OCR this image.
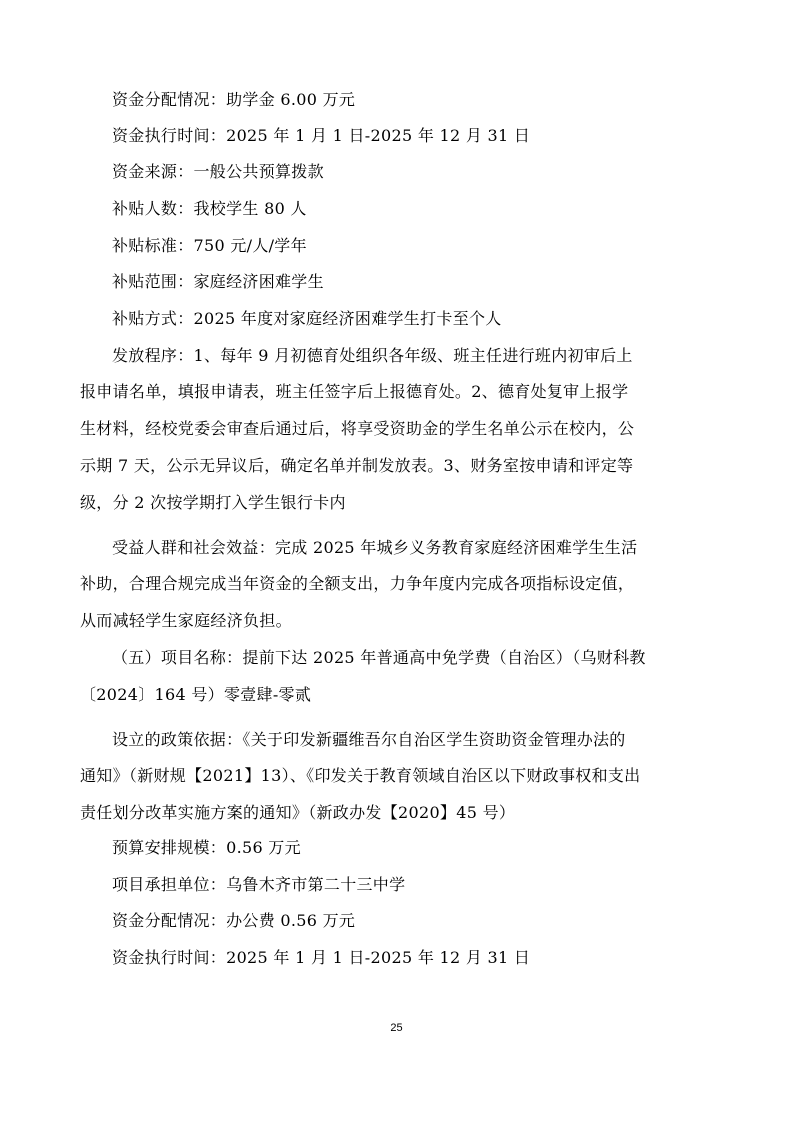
资金分配情况：助学金 6.00 万元
资金执行时间：2025 年 1 月 1 日-2025 年 12 月 31 日
资金来源：一般公共预算拨款
补贴人数：我校学生 80 人
补贴标准：750 元/人/学年
补贴范围：家庭经济困难学生
补贴方式：2025 年度对家庭经济困难学生打卡至个人
发放程序：1、每年 9 月初德育处组织各年级、班主任进行班内初审后上
报申请名单，填报申请表，班主任签字后上报德育处。2、德育处复审上报学
生材料，经校党委会审查后通过后，将享受资助金的学生名单公示在校内，公
示期 7 天，公示无异议后，确定名单并制发放表。3、财务室按申请和评定等
级，分 2 次按学期打入学生银行卡内
受益人群和社会效益：完成 2025 年城乡义务教育家庭经济困难学生生活
补助，合理合规完成当年资金的全额支出，力争年度内完成各项指标设定值，
从而减轻学生家庭经济负担。
（五）项目名称：提前下达 2025 年普通高中免学费（自治区）（乌财科教
〔2024〕164 号）零壹肆-零贰
设立的政策依据：《关于印发新疆维吾尔自治区学生资助资金管理办法的
通知》（新财规【2021】13）、《印发关于教育领域自治区以下财政事权和支出
责任划分改革实施方案的通知》（新政办发【2020】45 号）
预算安排规模：0.56 万元
项目承担单位：乌鲁木齐市第二十三中学
资金分配情况：办公费 0.56 万元
资金执行时间：2025 年 1 月 1 日-2025 年 12 月 31 日
25
